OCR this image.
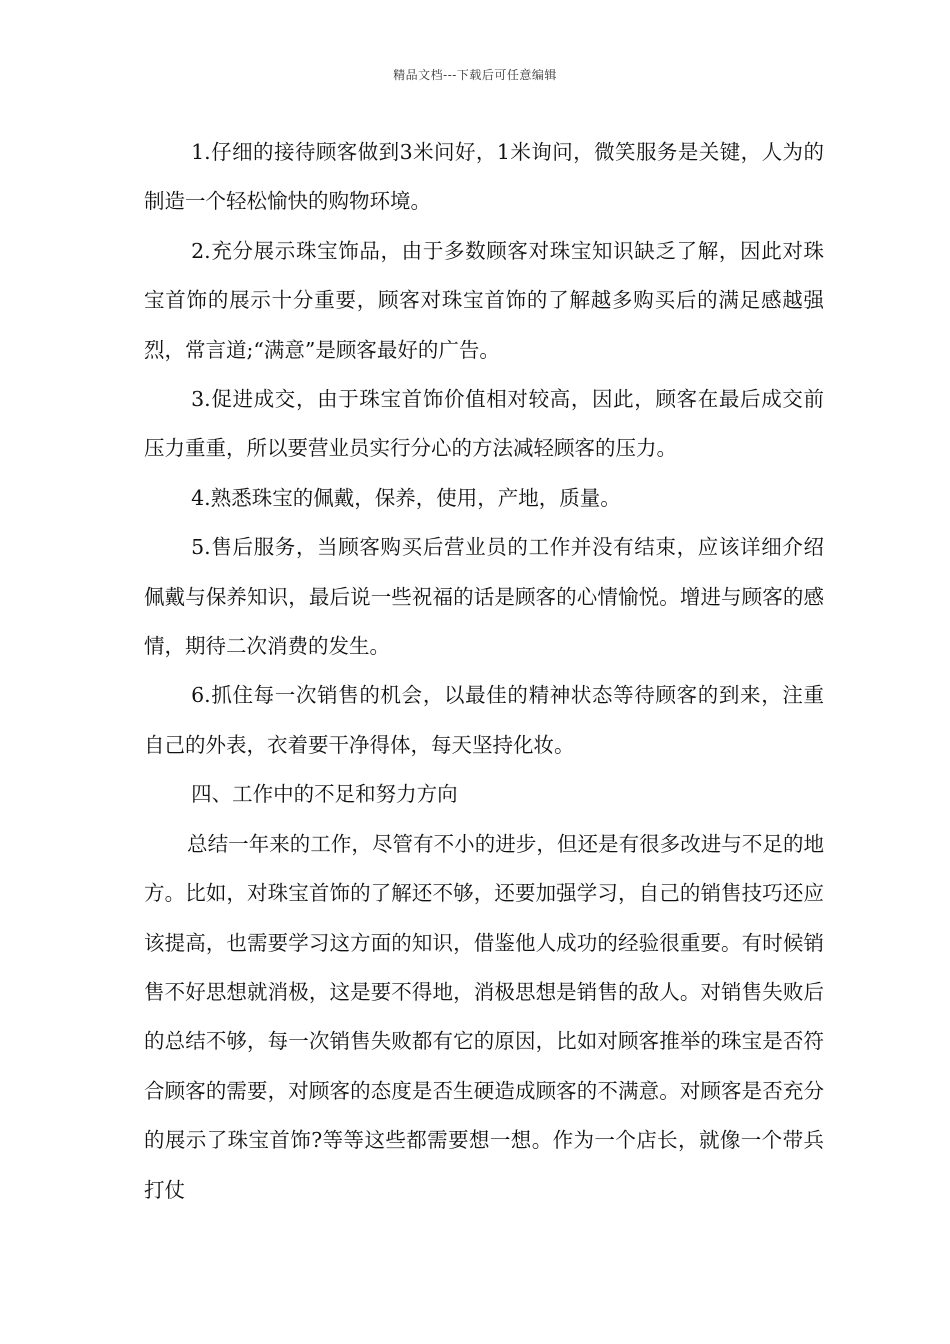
精品文档---下载后可任意编辑

1.仔细的接待顾客做到3米问好，1米询问，微笑服务是关键，人为的制造一个轻松愉快的购物环境。

2.充分展示珠宝饰品，由于多数顾客对珠宝知识缺乏了解，因此对珠宝首饰的展示十分重要，顾客对珠宝首饰的了解越多购买后的满足感越强烈，常言道;“满意”是顾客最好的广告。

3.促进成交，由于珠宝首饰价值相对较高，因此，顾客在最后成交前压力重重，所以要营业员实行分心的方法减轻顾客的压力。

4.熟悉珠宝的佩戴，保养，使用，产地，质量。

5.售后服务，当顾客购买后营业员的工作并没有结束，应该详细介绍佩戴与保养知识，最后说一些祝福的话是顾客的心情愉悦。增进与顾客的感情，期待二次消费的发生。

6.抓住每一次销售的机会，以最佳的精神状态等待顾客的到来，注重自己的外表，衣着要干净得体，每天坚持化妆。

四、工作中的不足和努力方向

总结一年来的工作，尽管有不小的进步，但还是有很多改进与不足的地方。比如，对珠宝首饰的了解还不够，还要加强学习，自己的销售技巧还应该提高，也需要学习这方面的知识，借鉴他人成功的经验很重要。有时候销售不好思想就消极，这是要不得地，消极思想是销售的敌人。对销售失败后的总结不够，每一次销售失败都有它的原因，比如对顾客推举的珠宝是否符合顾客的需要，对顾客的态度是否生硬造成顾客的不满意。对顾客是否充分的展示了珠宝首饰?等等这些都需要想一想。作为一个店长，就像一个带兵打仗
